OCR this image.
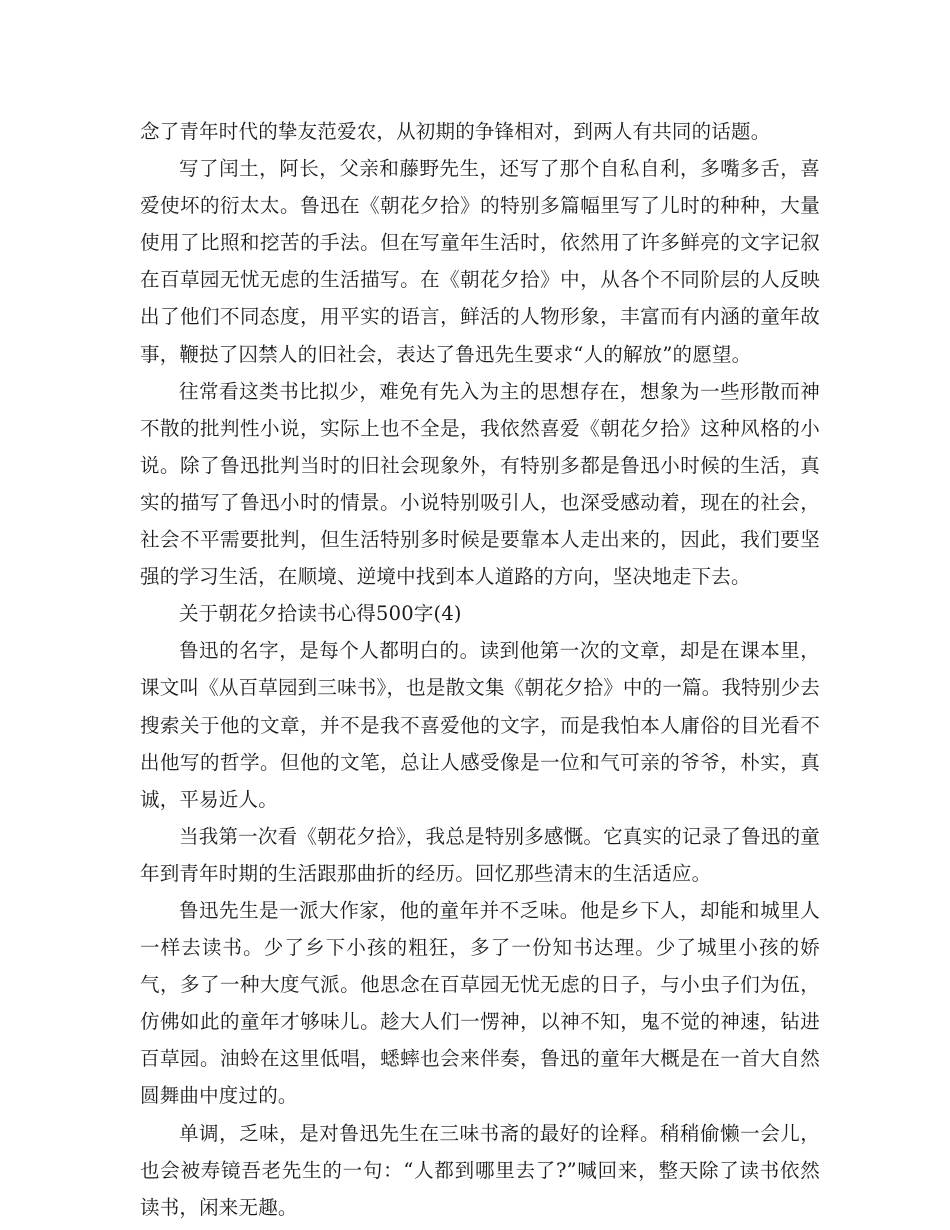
念了青年时代的挚友范爱农，从初期的争锋相对，到两人有共同的话题。

写了闰土，阿长，父亲和藤野先生，还写了那个自私自利，多嘴多舌，喜爱使坏的衍太太。鲁迅在《朝花夕拾》的特别多篇幅里写了儿时的种种，大量使用了比照和挖苦的手法。但在写童年生活时，依然用了许多鲜亮的文字记叙在百草园无忧无虑的生活描写。在《朝花夕拾》中，从各个不同阶层的人反映出了他们不同态度，用平实的语言，鲜活的人物形象，丰富而有内涵的童年故事，鞭挞了囚禁人的旧社会，表达了鲁迅先生要求“人的解放”的愿望。

往常看这类书比拟少，难免有先入为主的思想存在，想象为一些形散而神不散的批判性小说，实际上也不全是，我依然喜爱《朝花夕拾》这种风格的小说。除了鲁迅批判当时的旧社会现象外，有特别多都是鲁迅小时候的生活，真实的描写了鲁迅小时的情景。小说特别吸引人，也深受感动着，现在的社会，社会不平需要批判，但生活特别多时候是要靠本人走出来的，因此，我们要坚强的学习生活，在顺境、逆境中找到本人道路的方向，坚决地走下去。

关于朝花夕拾读书心得500字(4)

鲁迅的名字，是每个人都明白的。读到他第一次的文章，却是在课本里，课文叫《从百草园到三味书》，也是散文集《朝花夕拾》中的一篇。我特别少去搜索关于他的文章，并不是我不喜爱他的文字，而是我怕本人庸俗的目光看不出他写的哲学。但他的文笔，总让人感受像是一位和气可亲的爷爷，朴实，真诚，平易近人。

当我第一次看《朝花夕拾》，我总是特别多感慨。它真实的记录了鲁迅的童年到青年时期的生活跟那曲折的经历。回忆那些清末的生活适应。

鲁迅先生是一派大作家，他的童年并不乏味。他是乡下人，却能和城里人一样去读书。少了乡下小孩的粗狂，多了一份知书达理。少了城里小孩的娇气，多了一种大度气派。他思念在百草园无忧无虑的日子，与小虫子们为伍，仿佛如此的童年才够味儿。趁大人们一愣神，以神不知，鬼不觉的神速，钻进百草园。油蛉在这里低唱，蟋蟀也会来伴奏，鲁迅的童年大概是在一首大自然圆舞曲中度过的。

单调，乏味，是对鲁迅先生在三味书斋的最好的诠释。稍稍偷懒一会儿，也会被寿镜吾老先生的一句：“人都到哪里去了?”喊回来，整天除了读书依然读书，闲来无趣。
